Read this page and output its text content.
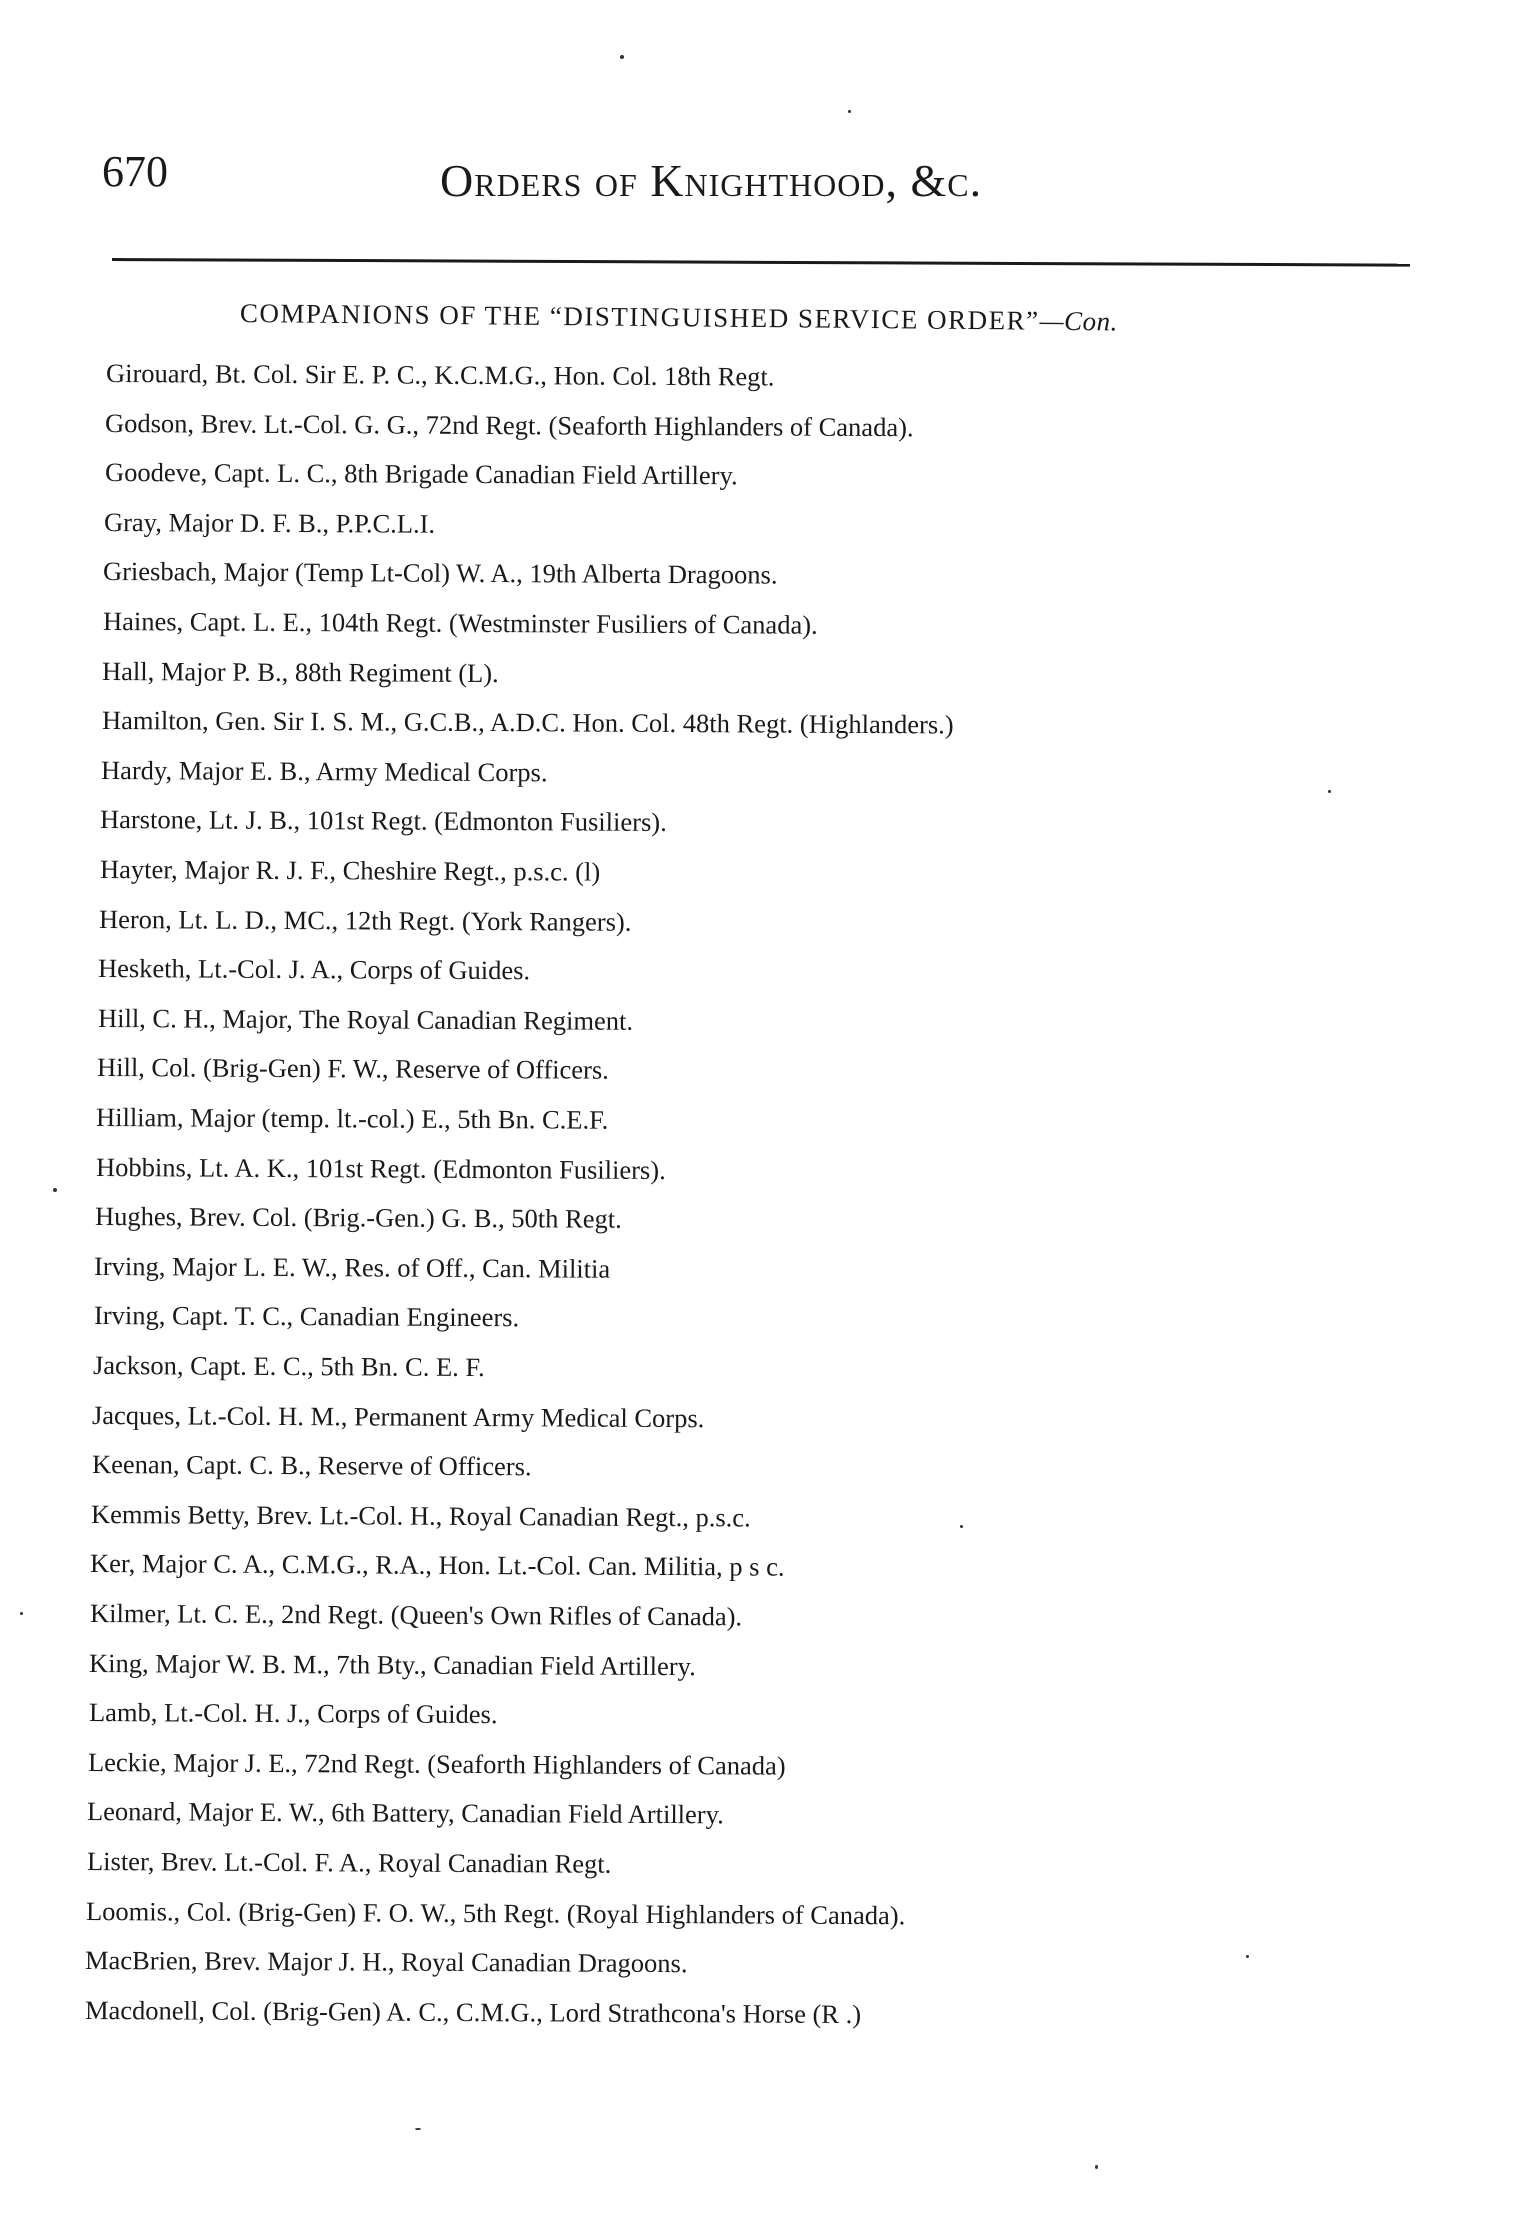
670	Orders of Knighthood, &c.
COMPANIONS OF THE “DISTINGUISHED SERVICE ORDER”—Con.
Girouard, Bt. Col. Sir E. P. C., K.C.M.G., Hon. Col. 18th Regt.
Godson, Brev. Lt.-Col. G. G., 72nd Regt. (Seaforth Highlanders of Canada).
Goodeve, Capt. L. C., 8th Brigade Canadian Field Artillery.
Gray, Major D. F. B., P.P.C.L.I.
Griesbach, Major (Temp Lt-Col) W. A., 19th Alberta Dragoons.
Haines, Capt. L. E., 104th Regt. (Westminster Fusiliers of Canada).
Hall, Major P. B., 88th Regiment (L).
Hamilton, Gen. Sir I. S. M., G.C.B., A.D.C. Hon. Col. 48th Regt. (Highlanders.)
Hardy, Major E. B., Army Medical Corps.
Harstone, Lt. J. B., 101st Regt. (Edmonton Fusiliers).
Hayter, Major R. J. F., Cheshire Regt., p.s.c. (l)
Heron, Lt. L. D., MC., 12th Regt. (York Rangers).
Hesketh, Lt.-Col. J. A., Corps of Guides.
Hill, C. H., Major, The Royal Canadian Regiment.
Hill, Col. (Brig-Gen) F. W., Reserve of Officers.
Hilliam, Major (temp. lt.-col.) E., 5th Bn. C.E.F.
Hobbins, Lt. A. K., 101st Regt. (Edmonton Fusiliers).
Hughes, Brev. Col. (Brig.-Gen.) G. B., 50th Regt.
Irving, Major L. E. W., Res. of Off., Can. Militia
Irving, Capt. T. C., Canadian Engineers.
Jackson, Capt. E. C., 5th Bn. C. E. F.
Jacques, Lt.-Col. H. M., Permanent Army Medical Corps.
Keenan, Capt. C. B., Reserve of Officers.
Kemmis Betty, Brev. Lt.-Col. H., Royal Canadian Regt., p.s.c.
Ker, Major C. A., C.M.G., R.A., Hon. Lt.-Col. Can. Militia, p s c.
Kilmer, Lt. C. E., 2nd Regt. (Queen's Own Rifles of Canada).
King, Major W. B. M., 7th Bty., Canadian Field Artillery.
Lamb, Lt.-Col. H. J., Corps of Guides.
Leckie, Major J. E., 72nd Regt. (Seaforth Highlanders of Canada)
Leonard, Major E. W., 6th Battery, Canadian Field Artillery.
Lister, Brev. Lt.-Col. F. A., Royal Canadian Regt.
Loomis., Col. (Brig-Gen) F. O. W., 5th Regt. (Royal Highlanders of Canada).
MacBrien, Brev. Major J. H., Royal Canadian Dragoons.
Macdonell, Col. (Brig-Gen) A. C., C.M.G., Lord Strathcona's Horse (R .)
